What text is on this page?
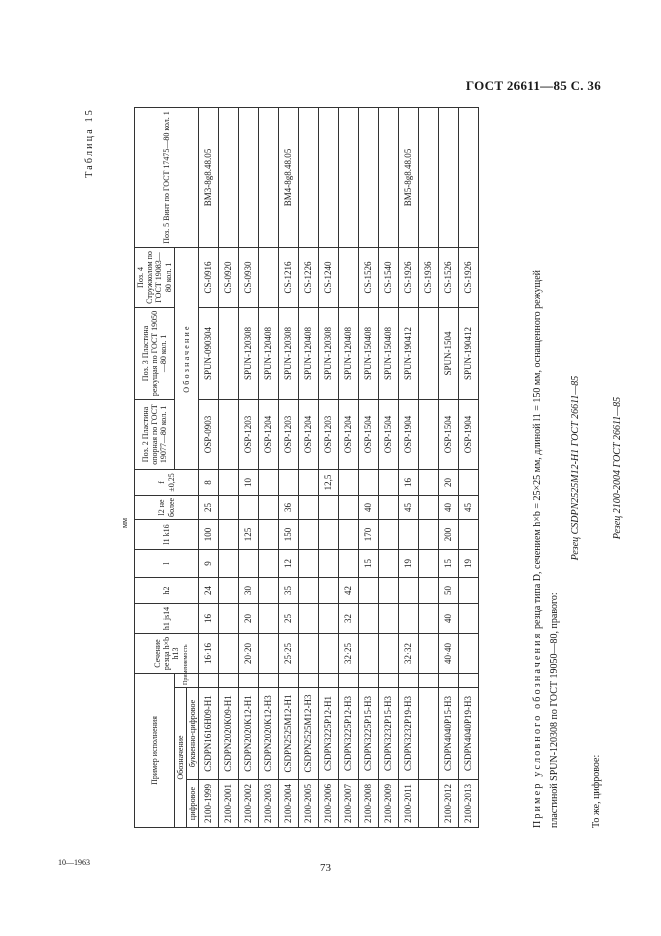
ГОСТ 26611—85 С. 36
Таблица 15
мм
Пример исполнения			Сечение резца h×b h13	h1 js14	h2	l	l1 k16	l2 не более	f ±0,25	Поз. 2 Пластина опорная по ГОСТ 19077—80 кол. 1	Поз. 3 Пластина режущая по ГОСТ 19050—80 кол. 1	Поз. 4 Стружколом по ГОСТ 19083—80 кол. 1	Поз. 5 Винт по ГОСТ 17475—80 кол. 1
Обозначение		Применяемость								Обозначение			
цифровое	буквенно-цифровое												
2100-1999	CSDPN1616H09-H1		16·16	16	24	9	100	25	8	OSP-0903	SPUN-090304	CS-0916	BM3-8g8.48.05
2100-2001	CSDPN2020K09-H1											CS-0920	
2100-2002	CSDPN2020K12-H1		20·20	20	30		125		10	OSP-1203	SPUN-120308	CS-0930	
2100-2003	CSDPN2020K12-H3									OSP-1204	SPUN-120408		
2100-2004	CSDPN2525M12-H1		25·25	25	35	12	150	36		OSP-1203	SPUN-120308	CS-1216	BM4-8g8.48.05
2100-2005	CSDPN2525M12-H3									OSP-1204	SPUN-120408	CS-1226	
2100-2006	CSDPN3225P12-H1								12,5	OSP-1203	SPUN-120308	CS-1240	
2100-2007	CSDPN3225P12-H3		32·25	32	42					OSP-1204	SPUN-120408		
2100-2008	CSDPN3225P15-H3					15	170	40		OSP-1504	SPUN-150408	CS-1526	
2100-2009	CSDPN3232P15-H3									OSP-1504	SPUN-150408	CS-1540	
2100-2011	CSDPN3232P19-H3		32·32			19		45	16	OSP-1904	SPUN-190412	CS-1926	BM5-8g8.48.05
												CS-1936	
2100-2012	CSDPN4040P15-H3		40·40	40	50	15	200	40	20	OSP-1504	SPUN-1504	CS-1526	
2100-2013	CSDPN4040P19-H3					19		45		OSP-1904	SPUN-190412	CS-1926	

Пример условного обозначения резца типа D, сечением h×b = 25×25 мм, длиной l1 = 150 мм, оснащенного режущей

пластиной SPUN-120308 по ГОСТ 19050—80, правого:

Резец CSDPN2525M12-H1 ГОСТ 26611—85

То же, цифровое:

Резец 2100-2004 ГОСТ 26611—85

10—1963	73
